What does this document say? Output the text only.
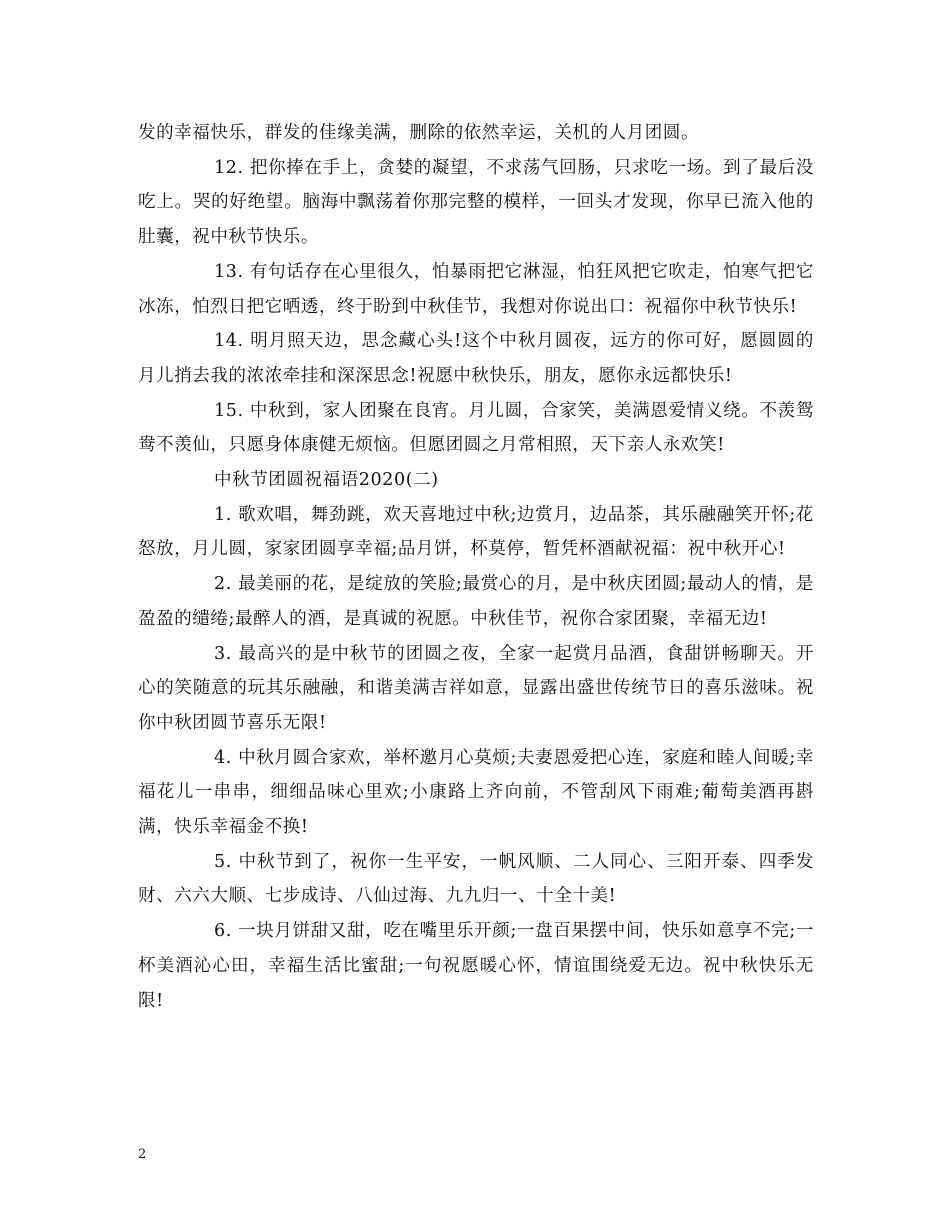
发的幸福快乐，群发的佳缘美满，删除的依然幸运，关机的人月团圆。

12. 把你捧在手上，贪婪的凝望，不求荡气回肠，只求吃一场。到了最后没吃上。哭的好绝望。脑海中飘荡着你那完整的模样，一回头才发现，你早已流入他的肚囊，祝中秋节快乐。

13. 有句话存在心里很久，怕暴雨把它淋湿，怕狂风把它吹走，怕寒气把它冰冻，怕烈日把它晒透，终于盼到中秋佳节，我想对你说出口：祝福你中秋节快乐!

14. 明月照天边，思念藏心头!这个中秋月圆夜，远方的你可好，愿圆圆的月儿捎去我的浓浓牵挂和深深思念!祝愿中秋快乐，朋友，愿你永远都快乐!

15. 中秋到，家人团聚在良宵。月儿圆，合家笑，美满恩爱情义绕。不羡鸳鸯不羡仙，只愿身体康健无烦恼。但愿团圆之月常相照，天下亲人永欢笑!

中秋节团圆祝福语2020(二)

1. 歌欢唱，舞劲跳，欢天喜地过中秋;边赏月，边品茶，其乐融融笑开怀;花怒放，月儿圆，家家团圆享幸福;品月饼，杯莫停，暂凭杯酒献祝福：祝中秋开心!

2. 最美丽的花，是绽放的笑脸;最赏心的月，是中秋庆团圆;最动人的情，是盈盈的缱绻;最醉人的酒，是真诚的祝愿。中秋佳节，祝你合家团聚，幸福无边!

3. 最高兴的是中秋节的团圆之夜，全家一起赏月品酒，食甜饼畅聊天。开心的笑随意的玩其乐融融，和谐美满吉祥如意，显露出盛世传统节日的喜乐滋味。祝你中秋团圆节喜乐无限!

4. 中秋月圆合家欢，举杯邀月心莫烦;夫妻恩爱把心连，家庭和睦人间暖;幸福花儿一串串，细细品味心里欢;小康路上齐向前，不管刮风下雨难;葡萄美酒再斟满，快乐幸福金不换!

5. 中秋节到了，祝你一生平安，一帆风顺、二人同心、三阳开泰、四季发财、六六大顺、七步成诗、八仙过海、九九归一、十全十美!

6. 一块月饼甜又甜，吃在嘴里乐开颜;一盘百果摆中间，快乐如意享不完;一杯美酒沁心田，幸福生活比蜜甜;一句祝愿暖心怀，情谊围绕爱无边。祝中秋快乐无限!

2
